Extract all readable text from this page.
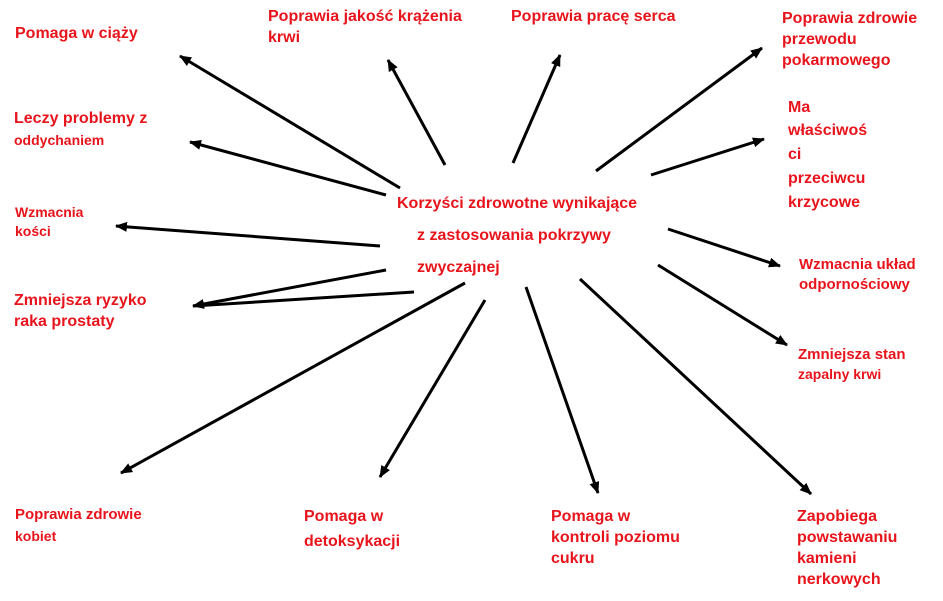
Korzyści zdrowotne wynikające
z zastosowania pokrzywy
zwyczajnej
Pomaga w ciąży
Poprawia jakość krążenia
krwi
Poprawia pracę serca	Poprawia zdrowie
przewodu
pokarmowego
Ma
właściwoś
ci
przeciwcu
krzycowe
Leczy problemy z
oddychaniem
Wzmacnia
kości
Wzmacnia układ
odpornościowy
Zmniejsza ryzyko
raka prostaty
Zmniejsza stan
zapalny krwi
Poprawia zdrowie
kobiet
Pomaga w
detoksykacji
Pomaga w
kontroli poziomu
cukru
Zapobiega
powstawaniu
kamieni
nerkowych
